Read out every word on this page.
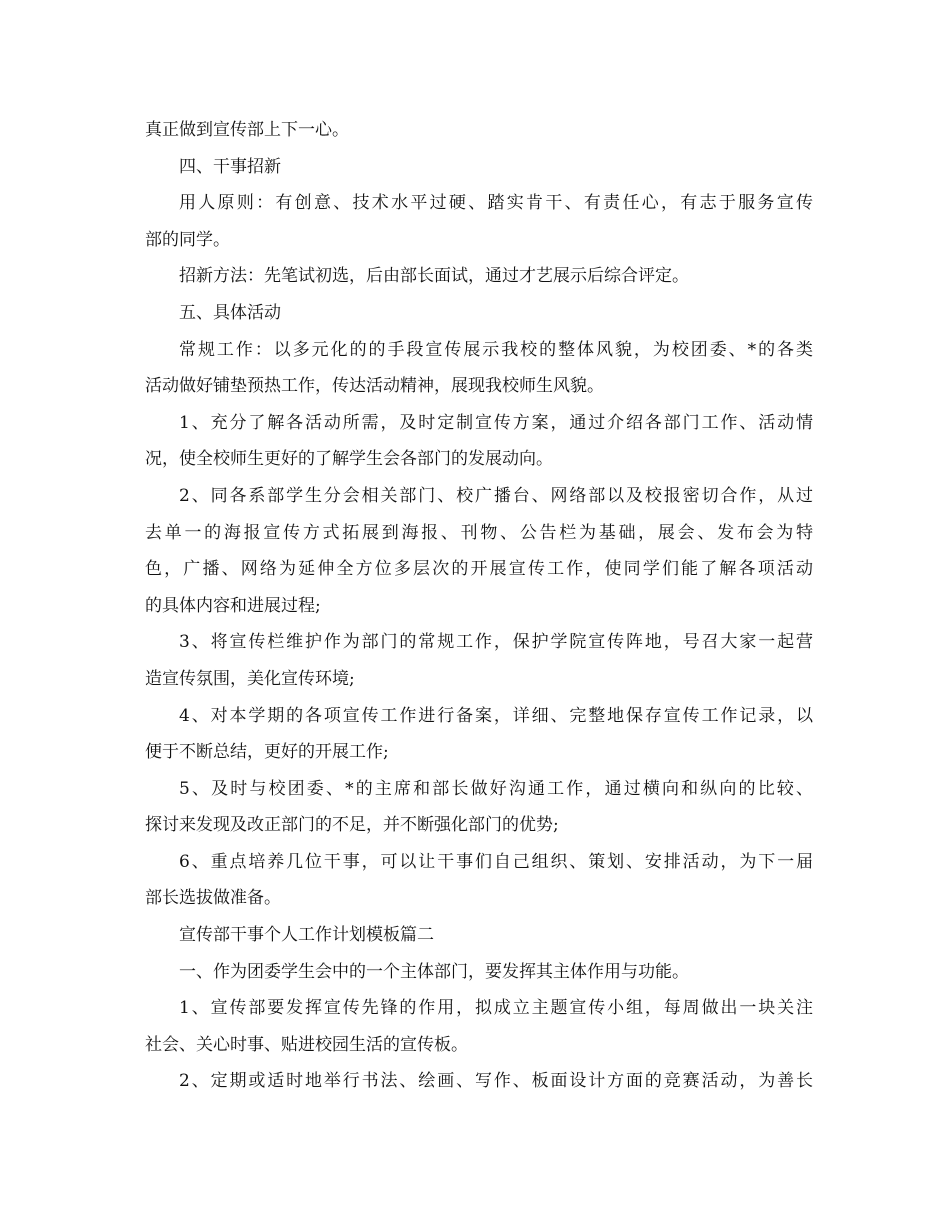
真正做到宣传部上下一心。
四、干事招新
用人原则：有创意、技术水平过硬、踏实肯干、有责任心，有志于服务宣传
部的同学。
招新方法：先笔试初选，后由部长面试，通过才艺展示后综合评定。
五、具体活动
常规工作：以多元化的的手段宣传展示我校的整体风貌，为校团委、*的各类
活动做好铺垫预热工作，传达活动精神，展现我校师生风貌。
1、充分了解各活动所需，及时定制宣传方案，通过介绍各部门工作、活动情
况，使全校师生更好的了解学生会各部门的发展动向。
2、同各系部学生分会相关部门、校广播台、网络部以及校报密切合作，从过
去单一的海报宣传方式拓展到海报、刊物、公告栏为基础，展会、发布会为特
色，广播、网络为延伸全方位多层次的开展宣传工作，使同学们能了解各项活动
的具体内容和进展过程;
3、将宣传栏维护作为部门的常规工作，保护学院宣传阵地，号召大家一起营
造宣传氛围，美化宣传环境;
4、对本学期的各项宣传工作进行备案，详细、完整地保存宣传工作记录，以
便于不断总结，更好的开展工作;
5、及时与校团委、*的主席和部长做好沟通工作，通过横向和纵向的比较、
探讨来发现及改正部门的不足，并不断强化部门的优势;
6、重点培养几位干事，可以让干事们自己组织、策划、安排活动，为下一届
部长选拔做准备。
宣传部干事个人工作计划模板篇二
一、作为团委学生会中的一个主体部门，要发挥其主体作用与功能。
1、宣传部要发挥宣传先锋的作用，拟成立主题宣传小组，每周做出一块关注
社会、关心时事、贴进校园生活的宣传板。
2、定期或适时地举行书法、绘画、写作、板面设计方面的竞赛活动，为善长
